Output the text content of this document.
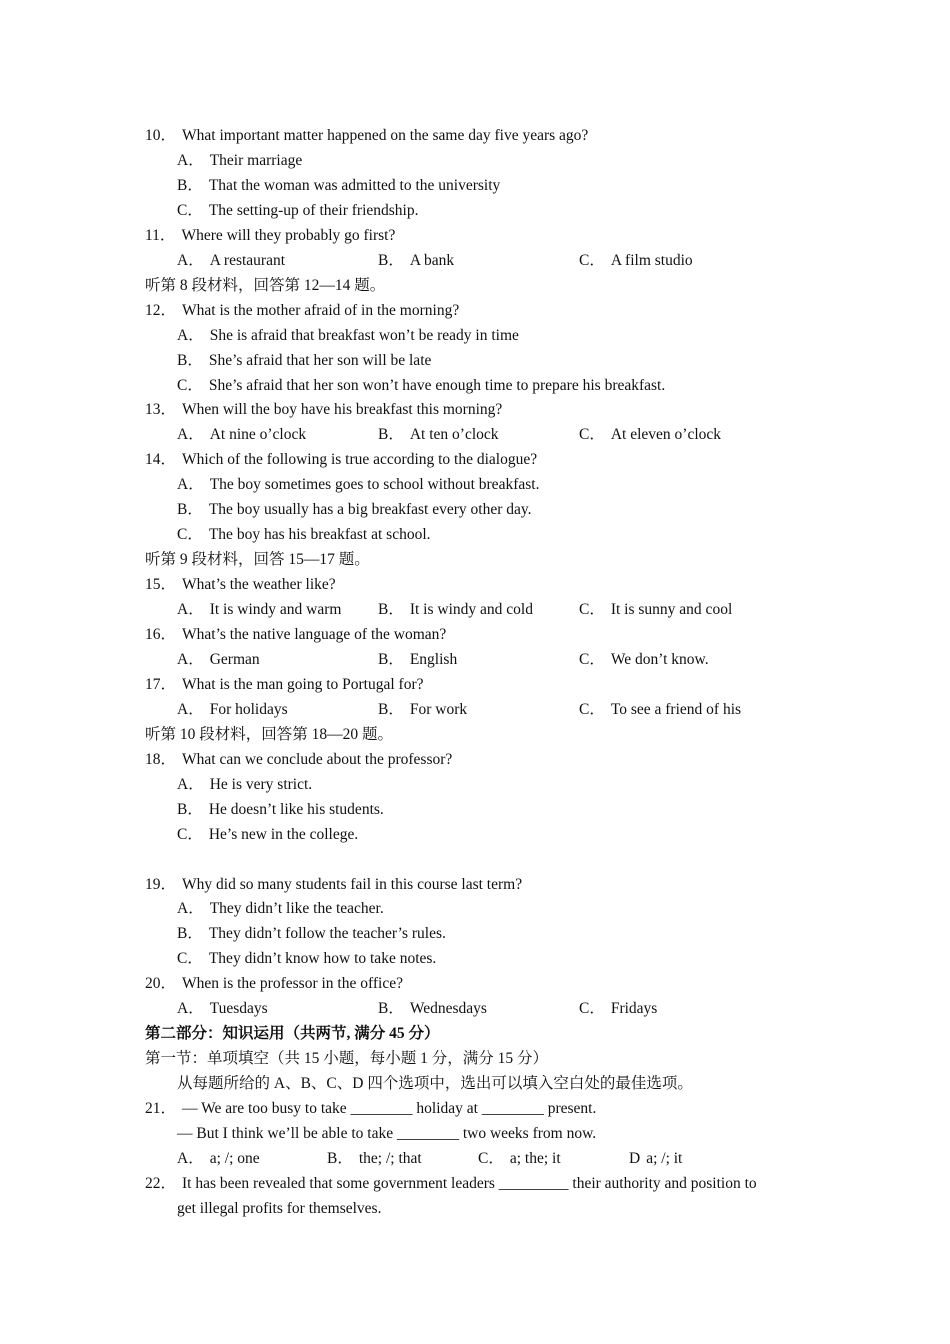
10． What important matter happened on the same day five years ago?
A． Their marriage
B． That the woman was admitted to the university
C． The setting-up of their friendship.
11． Where will they probably go first?
A． A restaurant	B． A bank	C． A film studio
听第 8 段材料，回答第 12—14 题。
12． What is the mother afraid of in the morning?
A． She is afraid that breakfast won’t be ready in time
B． She’s afraid that her son will be late
C． She’s afraid that her son won’t have enough time to prepare his breakfast.
13． When will the boy have his breakfast this morning?
A． At nine o’clock	B． At ten o’clock	C． At eleven o’clock
14． Which of the following is true according to the dialogue?
A． The boy sometimes goes to school without breakfast.
B． The boy usually has a big breakfast every other day.
C． The boy has his breakfast at school.
听第 9 段材料，回答 15—17 题。
15． What’s the weather like?
A． It is windy and warm B． It is windy and cold	C． It is sunny and cool
16． What’s the native language of the woman?
A． German	B． English	C． We don’t know.
17． What is the man going to Portugal for?
A． For holidays	B． For work	C． To see a friend of his
听第 10 段材料，回答第 18—20 题。
18． What can we conclude about the professor?
A． He is very strict.
B． He doesn’t like his students.
C． He’s new in the college.
19． Why did so many students fail in this course last term?
A． They didn’t like the teacher.
B． They didn’t follow the teacher’s rules.
C． They didn’t know how to take notes.
20． When is the professor in the office?
A． Tuesdays	B． Wednesdays	C． Fridays
第二部分：知识运用（共两节, 满分 45 分）
第一节：单项填空（共 15 小题，每小题 1 分，满分 15 分）
从每题所给的 A、B、C、D 四个选项中，选出可以填入空白处的最佳选项。
21． — We are too busy to take ________ holiday at ________ present.
— But I think we’ll be able to take ________ two weeks from now.
A． a; /; one	B． the; /; that	C． a; the; it	D a; /; it
22． It has been revealed that some government leaders _________ their authority and position to
get illegal profits for themselves.
